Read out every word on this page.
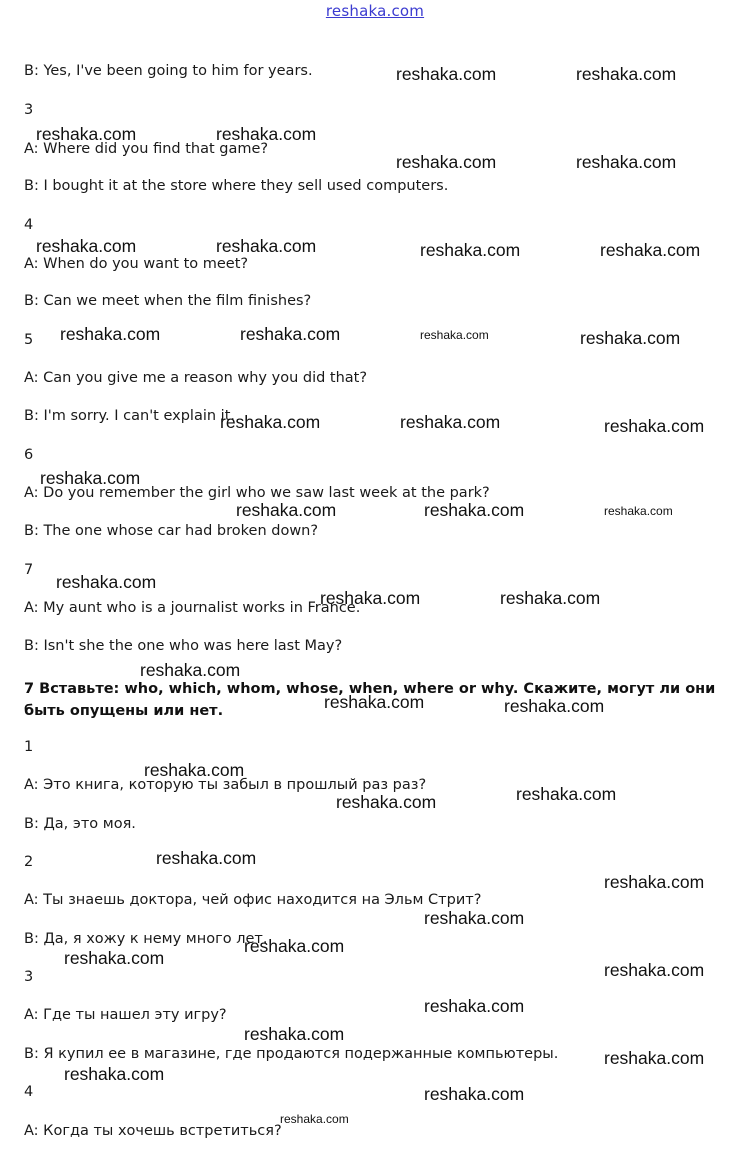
reshaka.com
B: Yes, I've been going to him for years.
3
A: Where did you find that game?
B: I bought it at the store where they sell used computers.
4
A: When do you want to meet?
B: Can we meet when the film finishes?
5
A: Can you give me a reason why you did that?
B: I'm sorry. I can't explain it.
6
A: Do you remember the girl who we saw last week at the park?
B: The one whose car had broken down?
7
A: My aunt who is a journalist works in France.
B: Isn't she the one who was here last May?
7 Вставьте: who, which, whom, whose, when, where or why. Скажите, могут ли они быть опущены или нет.
1
A: Это книга, которую ты забыл в прошлый раз раз?
B: Да, это моя.
2
A: Ты знаешь доктора, чей офис находится на Эльм Стрит?
B: Да, я хожу к нему много лет.
3
A: Где ты нашел эту игру?
B: Я купил ее в магазине, где продаются подержанные компьютеры.
4
A: Когда ты хочешь встретиться?
reshaka.com	reshaka.com
reshaka.com	reshaka.com
reshaka.com	reshaka.com
reshaka.com	reshaka.com	reshaka.com	reshaka.com
reshaka.com	reshaka.com	reshaka.com	reshaka.com
reshaka.com	reshaka.com	reshaka.com
reshaka.com
reshaka.com	reshaka.com	reshaka.com
reshaka.com
reshaka.com	reshaka.com
reshaka.com
reshaka.com	reshaka.com
reshaka.com
reshaka.com	reshaka.com
reshaka.com
reshaka.com
reshaka.com
reshaka.com
reshaka.com
reshaka.com
reshaka.com
reshaka.com
reshaka.com
reshaka.com
reshaka.com
reshaka.com
